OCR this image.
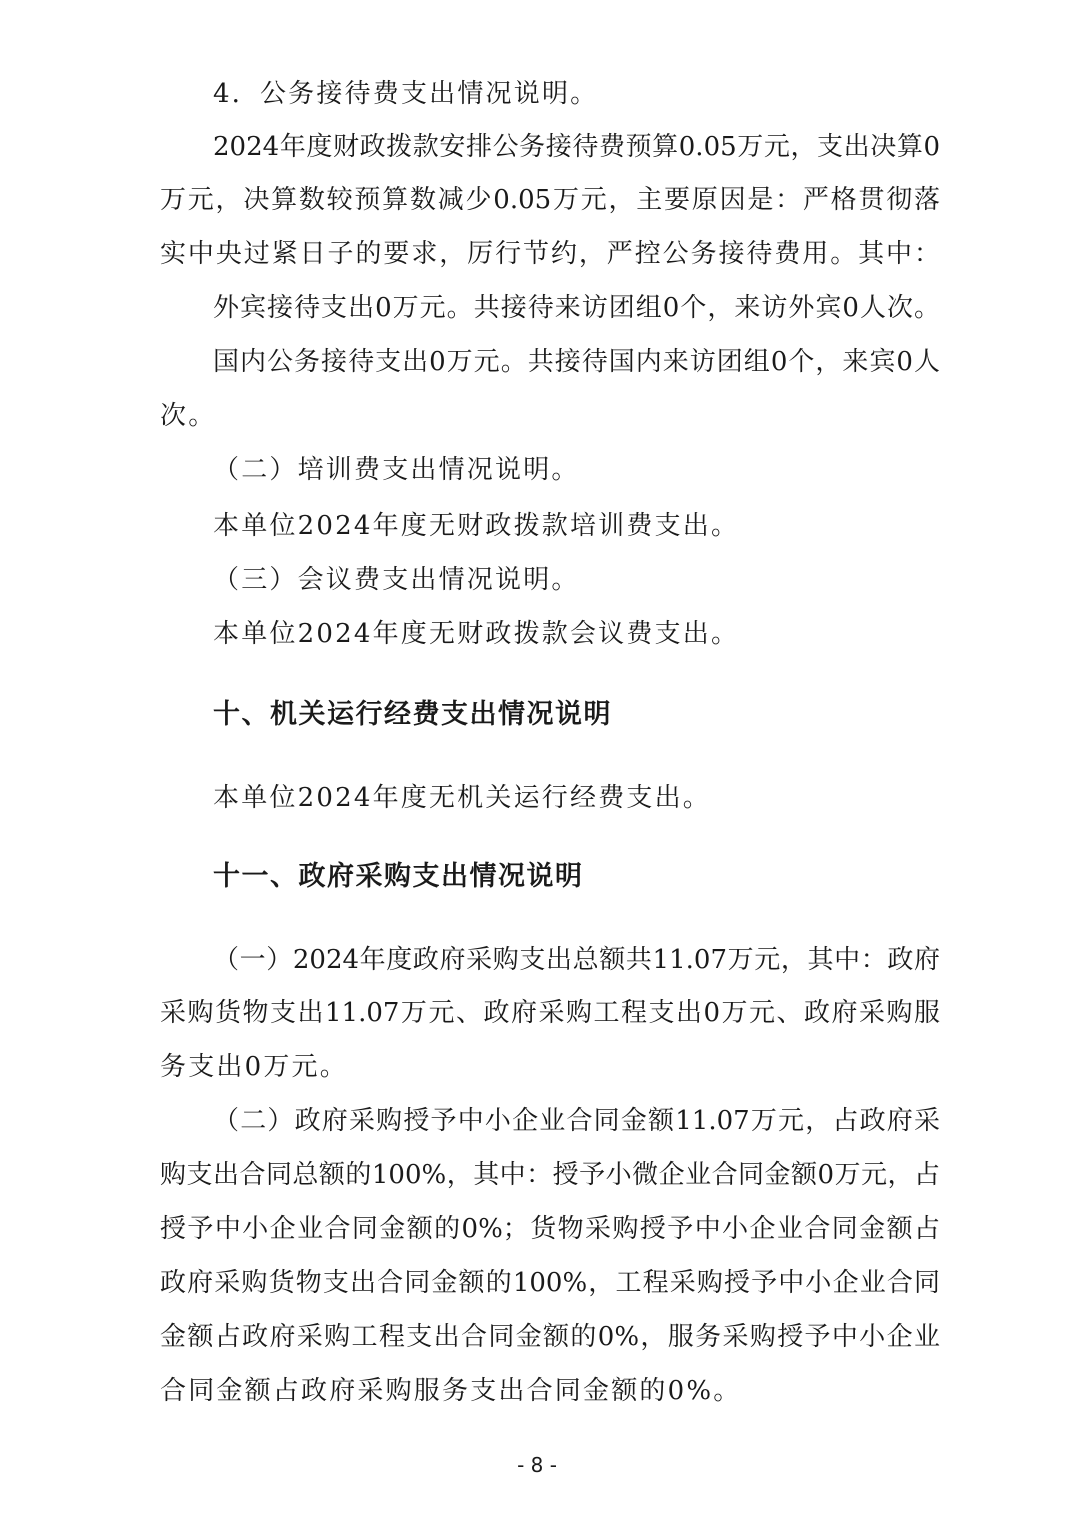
4．公务接待费支出情况说明。
2024年度财政拨款安排公务接待费预算0.05万元，支出决算0
万元，决算数较预算数减少0.05万元，主要原因是：严格贯彻落
实中央过紧日子的要求，厉行节约，严控公务接待费用。其中：
外宾接待支出0万元。共接待来访团组0个，来访外宾0人次。
国内公务接待支出0万元。共接待国内来访团组0个，来宾0人
次。
（二）培训费支出情况说明。
本单位2024年度无财政拨款培训费支出。
（三）会议费支出情况说明。
本单位2024年度无财政拨款会议费支出。
十、机关运行经费支出情况说明
本单位2024年度无机关运行经费支出。
十一、政府采购支出情况说明
（一）2024年度政府采购支出总额共11.07万元，其中：政府
采购货物支出11.07万元、政府采购工程支出0万元、政府采购服
务支出0万元。
（二）政府采购授予中小企业合同金额11.07万元，占政府采
购支出合同总额的100%，其中：授予小微企业合同金额0万元，占
授予中小企业合同金额的0%；货物采购授予中小企业合同金额占
政府采购货物支出合同金额的100%，工程采购授予中小企业合同
金额占政府采购工程支出合同金额的0%，服务采购授予中小企业
合同金额占政府采购服务支出合同金额的0%。
- 8 -
